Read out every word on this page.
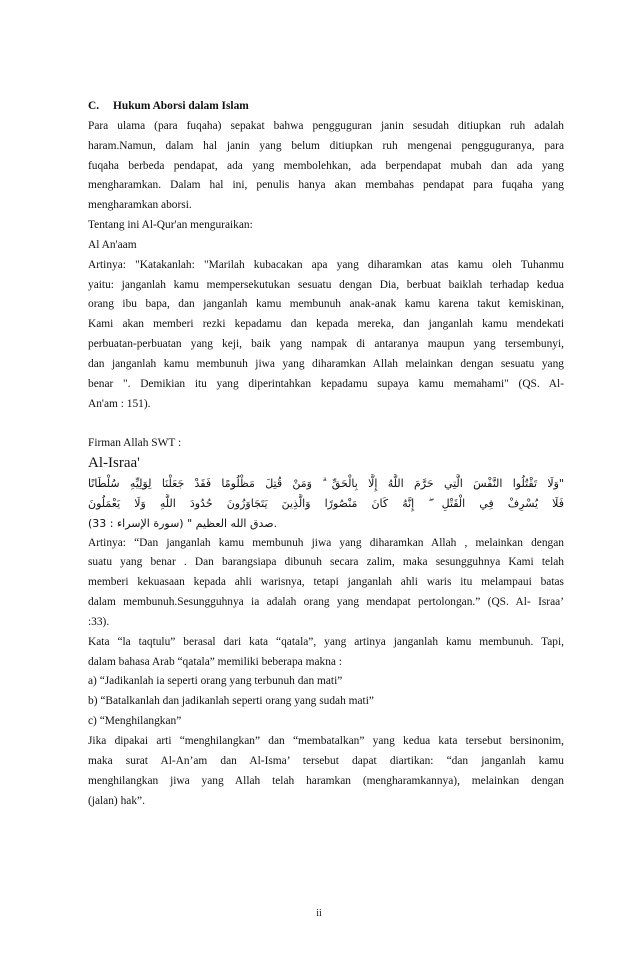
C. Hukum Aborsi dalam Islam
Para ulama (para fuqaha) sepakat bahwa pengguguran janin sesudah ditiupkan ruh adalah
haram.Namun, dalam hal janin yang belum ditiupkan ruh mengenai pengguguranya, para
fuqaha berbeda pendapat, ada yang membolehkan, ada berpendapat mubah dan ada yang
mengharamkan. Dalam hal ini, penulis hanya akan membahas pendapat para fuqaha yang
mengharamkan aborsi.
Tentang ini Al-Qur'an menguraikan:
Al An'aam
Artinya: "Katakanlah: "Marilah kubacakan apa yang diharamkan atas kamu oleh Tuhanmu
yaitu: janganlah kamu mempersekutukan sesuatu dengan Dia, berbuat baiklah terhadap kedua
orang ibu bapa, dan janganlah kamu membunuh anak-anak kamu karena takut kemiskinan,
Kami akan memberi rezki kepadamu dan kepada mereka, dan janganlah kamu mendekati
perbuatan-perbuatan yang keji, baik yang nampak di antaranya maupun yang tersembunyi,
dan janganlah kamu membunuh jiwa yang diharamkan Allah melainkan dengan sesuatu yang
benar ". Demikian itu yang diperintahkan kepadamu supaya kamu memahami" (QS. Al-
An'am : 151).
Firman Allah SWT :
Al-Israa'
"وَلَا تَقْتُلُوا النَّفْسَ الَّتِي حَرَّمَ اللَّهُ إِلَّا بِالْحَقِّ ۗ وَمَنْ قُتِلَ مَظْلُومًا فَقَدْ جَعَلْنَا لِوَلِيِّهِ سُلْطَانًا
فَلَا يُسْرِفْ فِي الْقَتْلِ ۖ إِنَّهُ كَانَ مَنْصُورًا وَالَّذِينَ يَتَجَاوَزُونَ حُدُودَ اللَّهِ وَلَا يَعْمَلُونَ
صدق الله العظيم " (سورة الإسراء : 33).
Artinya: “Dan janganlah kamu membunuh jiwa yang diharamkan Allah , melainkan dengan
suatu yang benar . Dan barangsiapa dibunuh secara zalim, maka sesungguhnya Kami telah
memberi kekuasaan kepada ahli warisnya, tetapi janganlah ahli waris itu melampaui batas
dalam membunuh.Sesungguhnya ia adalah orang yang mendapat pertolongan.” (QS. Al- Israa’
:33).
Kata “la taqtulu” berasal dari kata “qatala”, yang artinya janganlah kamu membunuh. Tapi,
dalam bahasa Arab “qatala” memiliki beberapa makna :
a) “Jadikanlah ia seperti orang yang terbunuh dan mati”
b) “Batalkanlah dan jadikanlah seperti orang yang sudah mati”
c) “Menghilangkan”
Jika dipakai arti “menghilangkan” dan “membatalkan” yang kedua kata tersebut bersinonim,
maka surat Al-An’am dan Al-Isma’ tersebut dapat diartikan: “dan janganlah kamu
menghilangkan jiwa yang Allah telah haramkan (mengharamkannya), melainkan dengan
(jalan) hak”.
ii
